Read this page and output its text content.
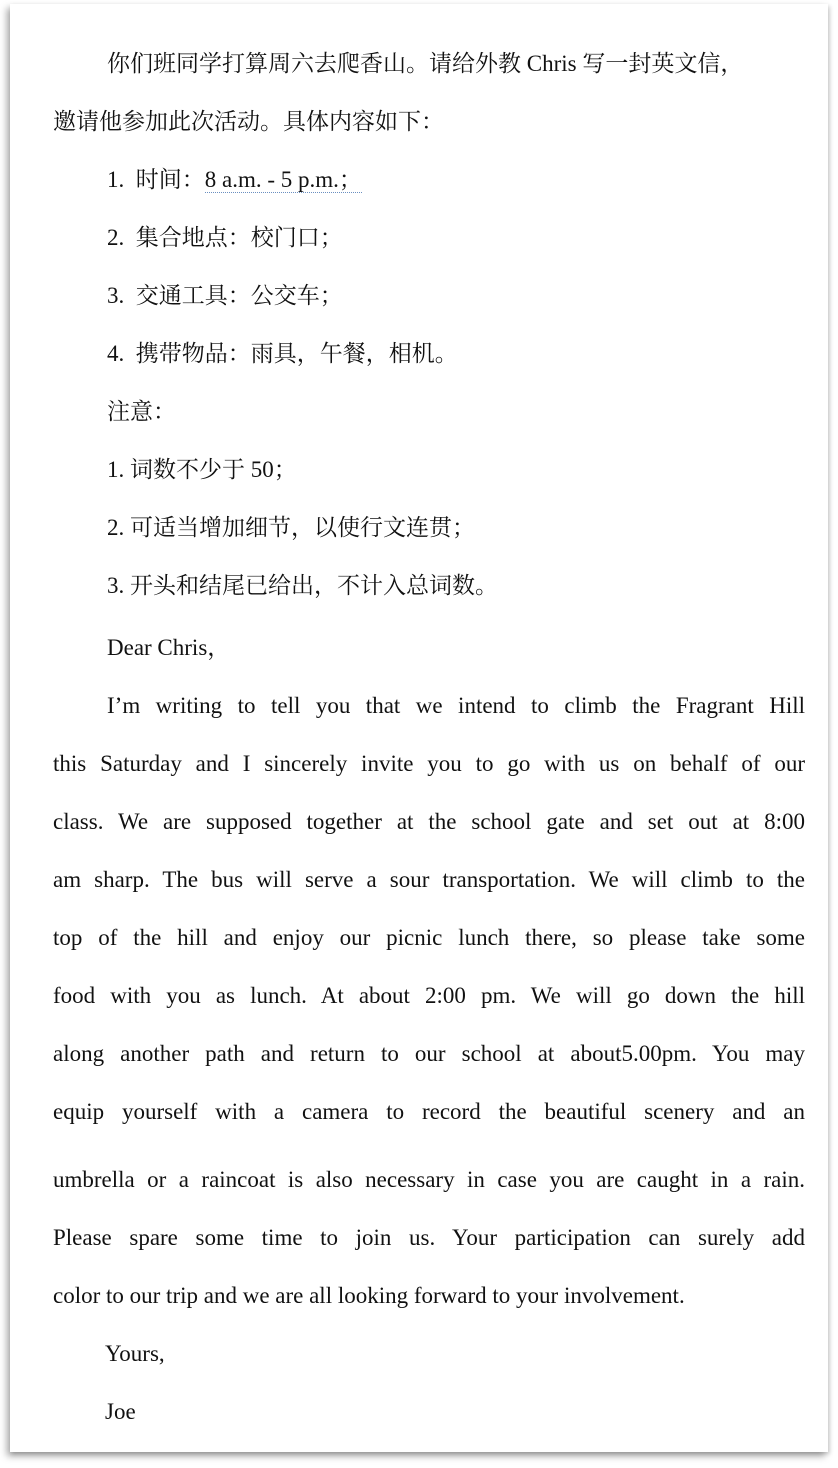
你们班同学打算周六去爬香山。请给外教 Chris 写一封英文信，
邀请他参加此次活动。具体内容如下：
1. 时间：8 a.m. - 5 p.m.；
2. 集合地点：校门口；
3. 交通工具：公交车；
4. 携带物品：雨具，午餐，相机。
注意：
1. 词数不少于 50；
2. 可适当增加细节，以使行文连贯；
3. 开头和结尾已给出，不计入总词数。
Dear Chris，
I’m writing to tell you that we intend to climb the Fragrant Hill
this Saturday and I sincerely invite you to go with us on behalf of our
class. We are supposed together at the school gate and set out at 8:00
am sharp. The bus will serve a sour transportation. We will climb to the
top of the hill and enjoy our picnic lunch there, so please take some
food with you as lunch. At about 2:00 pm. We will go down the hill
along another path and return to our school at about5.00pm. You may
equip yourself with a camera to record the beautiful scenery and an
umbrella or a raincoat is also necessary in case you are caught in a rain.
Please spare some time to join us. Your participation can surely add
color to our trip and we are all looking forward to your involvement.
Yours,
Joe
